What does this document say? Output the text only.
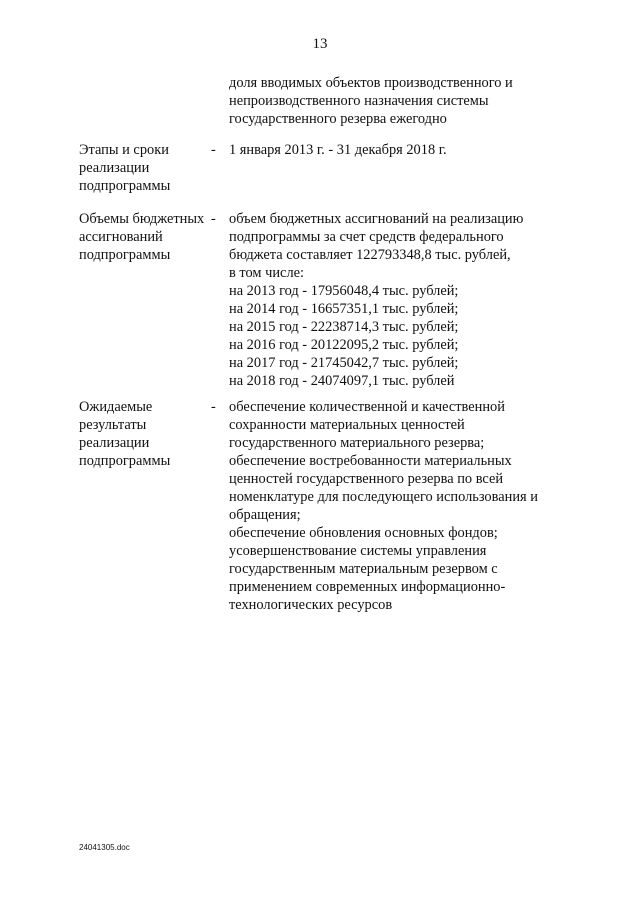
13
доля вводимых объектов производственного и
непроизводственного назначения системы
государственного резерва ежегодно
Этапы и сроки
реализации
подпрограммы
- 1 января 2013 г. - 31 декабря 2018 г.
Объемы бюджетных
ассигнований
подпрограммы
- объем бюджетных ассигнований на реализацию
подпрограммы за счет средств федерального
бюджета составляет 122793348,8 тыс. рублей,
в том числе:
на 2013 год - 17956048,4 тыс. рублей;
на 2014 год - 16657351,1 тыс. рублей;
на 2015 год - 22238714,3 тыс. рублей;
на 2016 год - 20122095,2 тыс. рублей;
на 2017 год - 21745042,7 тыс. рублей;
на 2018 год - 24074097,1 тыс. рублей
Ожидаемые
результаты
реализации
подпрограммы
- обеспечение количественной и качественной
сохранности материальных ценностей
государственного материального резерва;
обеспечение востребованности материальных
ценностей государственного резерва по всей
номенклатуре для последующего использования и
обращения;
обеспечение обновления основных фондов;
усовершенствование системы управления
государственным материальным резервом с
применением современных информационно-
технологических ресурсов
24041305.doc
